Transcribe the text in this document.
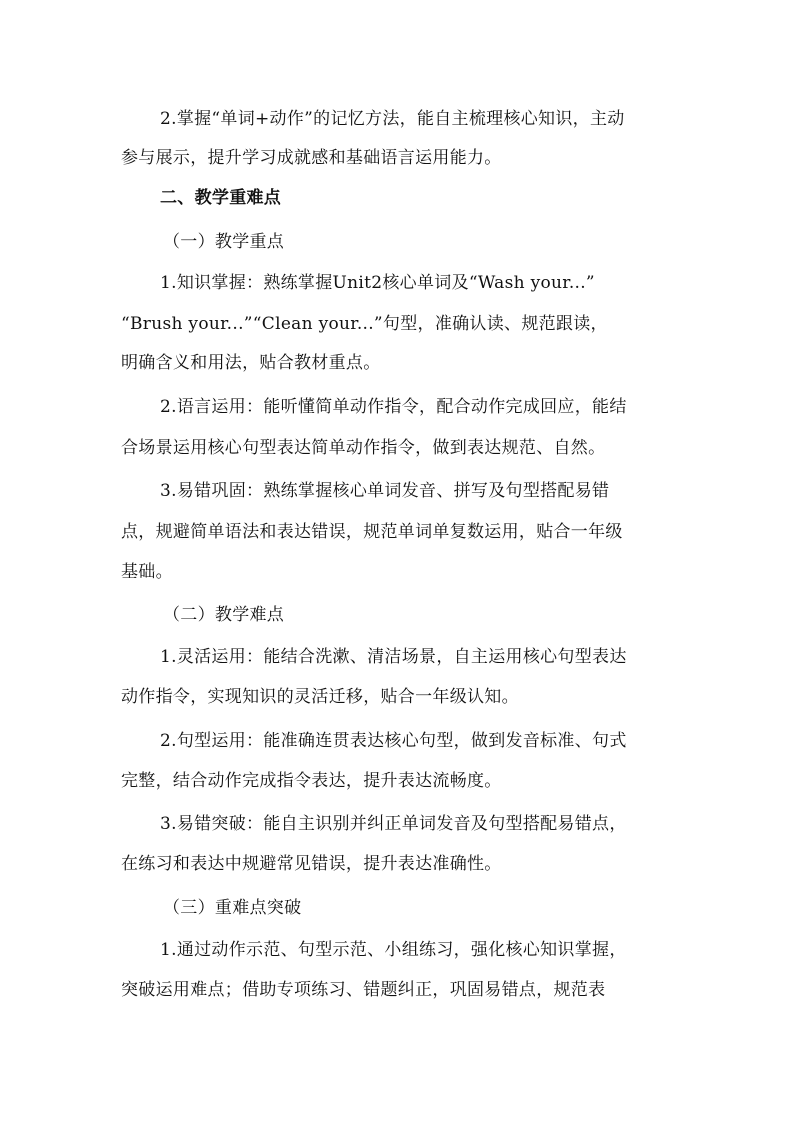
2.掌握“单词+动作”的记忆方法，能自主梳理核心知识，主动
参与展示，提升学习成就感和基础语言运用能力。
二、教学重难点
（一）教学重点
1.知识掌握：熟练掌握Unit2核心单词及“Wash your...”
“Brush your...”“Clean your...”句型，准确认读、规范跟读，
明确含义和用法，贴合教材重点。
2.语言运用：能听懂简单动作指令，配合动作完成回应，能结
合场景运用核心句型表达简单动作指令，做到表达规范、自然。
3.易错巩固：熟练掌握核心单词发音、拼写及句型搭配易错
点，规避简单语法和表达错误，规范单词单复数运用，贴合一年级
基础。
（二）教学难点
1.灵活运用：能结合洗漱、清洁场景，自主运用核心句型表达
动作指令，实现知识的灵活迁移，贴合一年级认知。
2.句型运用：能准确连贯表达核心句型，做到发音标准、句式
完整，结合动作完成指令表达，提升表达流畅度。
3.易错突破：能自主识别并纠正单词发音及句型搭配易错点，
在练习和表达中规避常见错误，提升表达准确性。
（三）重难点突破
1.通过动作示范、句型示范、小组练习，强化核心知识掌握，
突破运用难点；借助专项练习、错题纠正，巩固易错点，规范表
